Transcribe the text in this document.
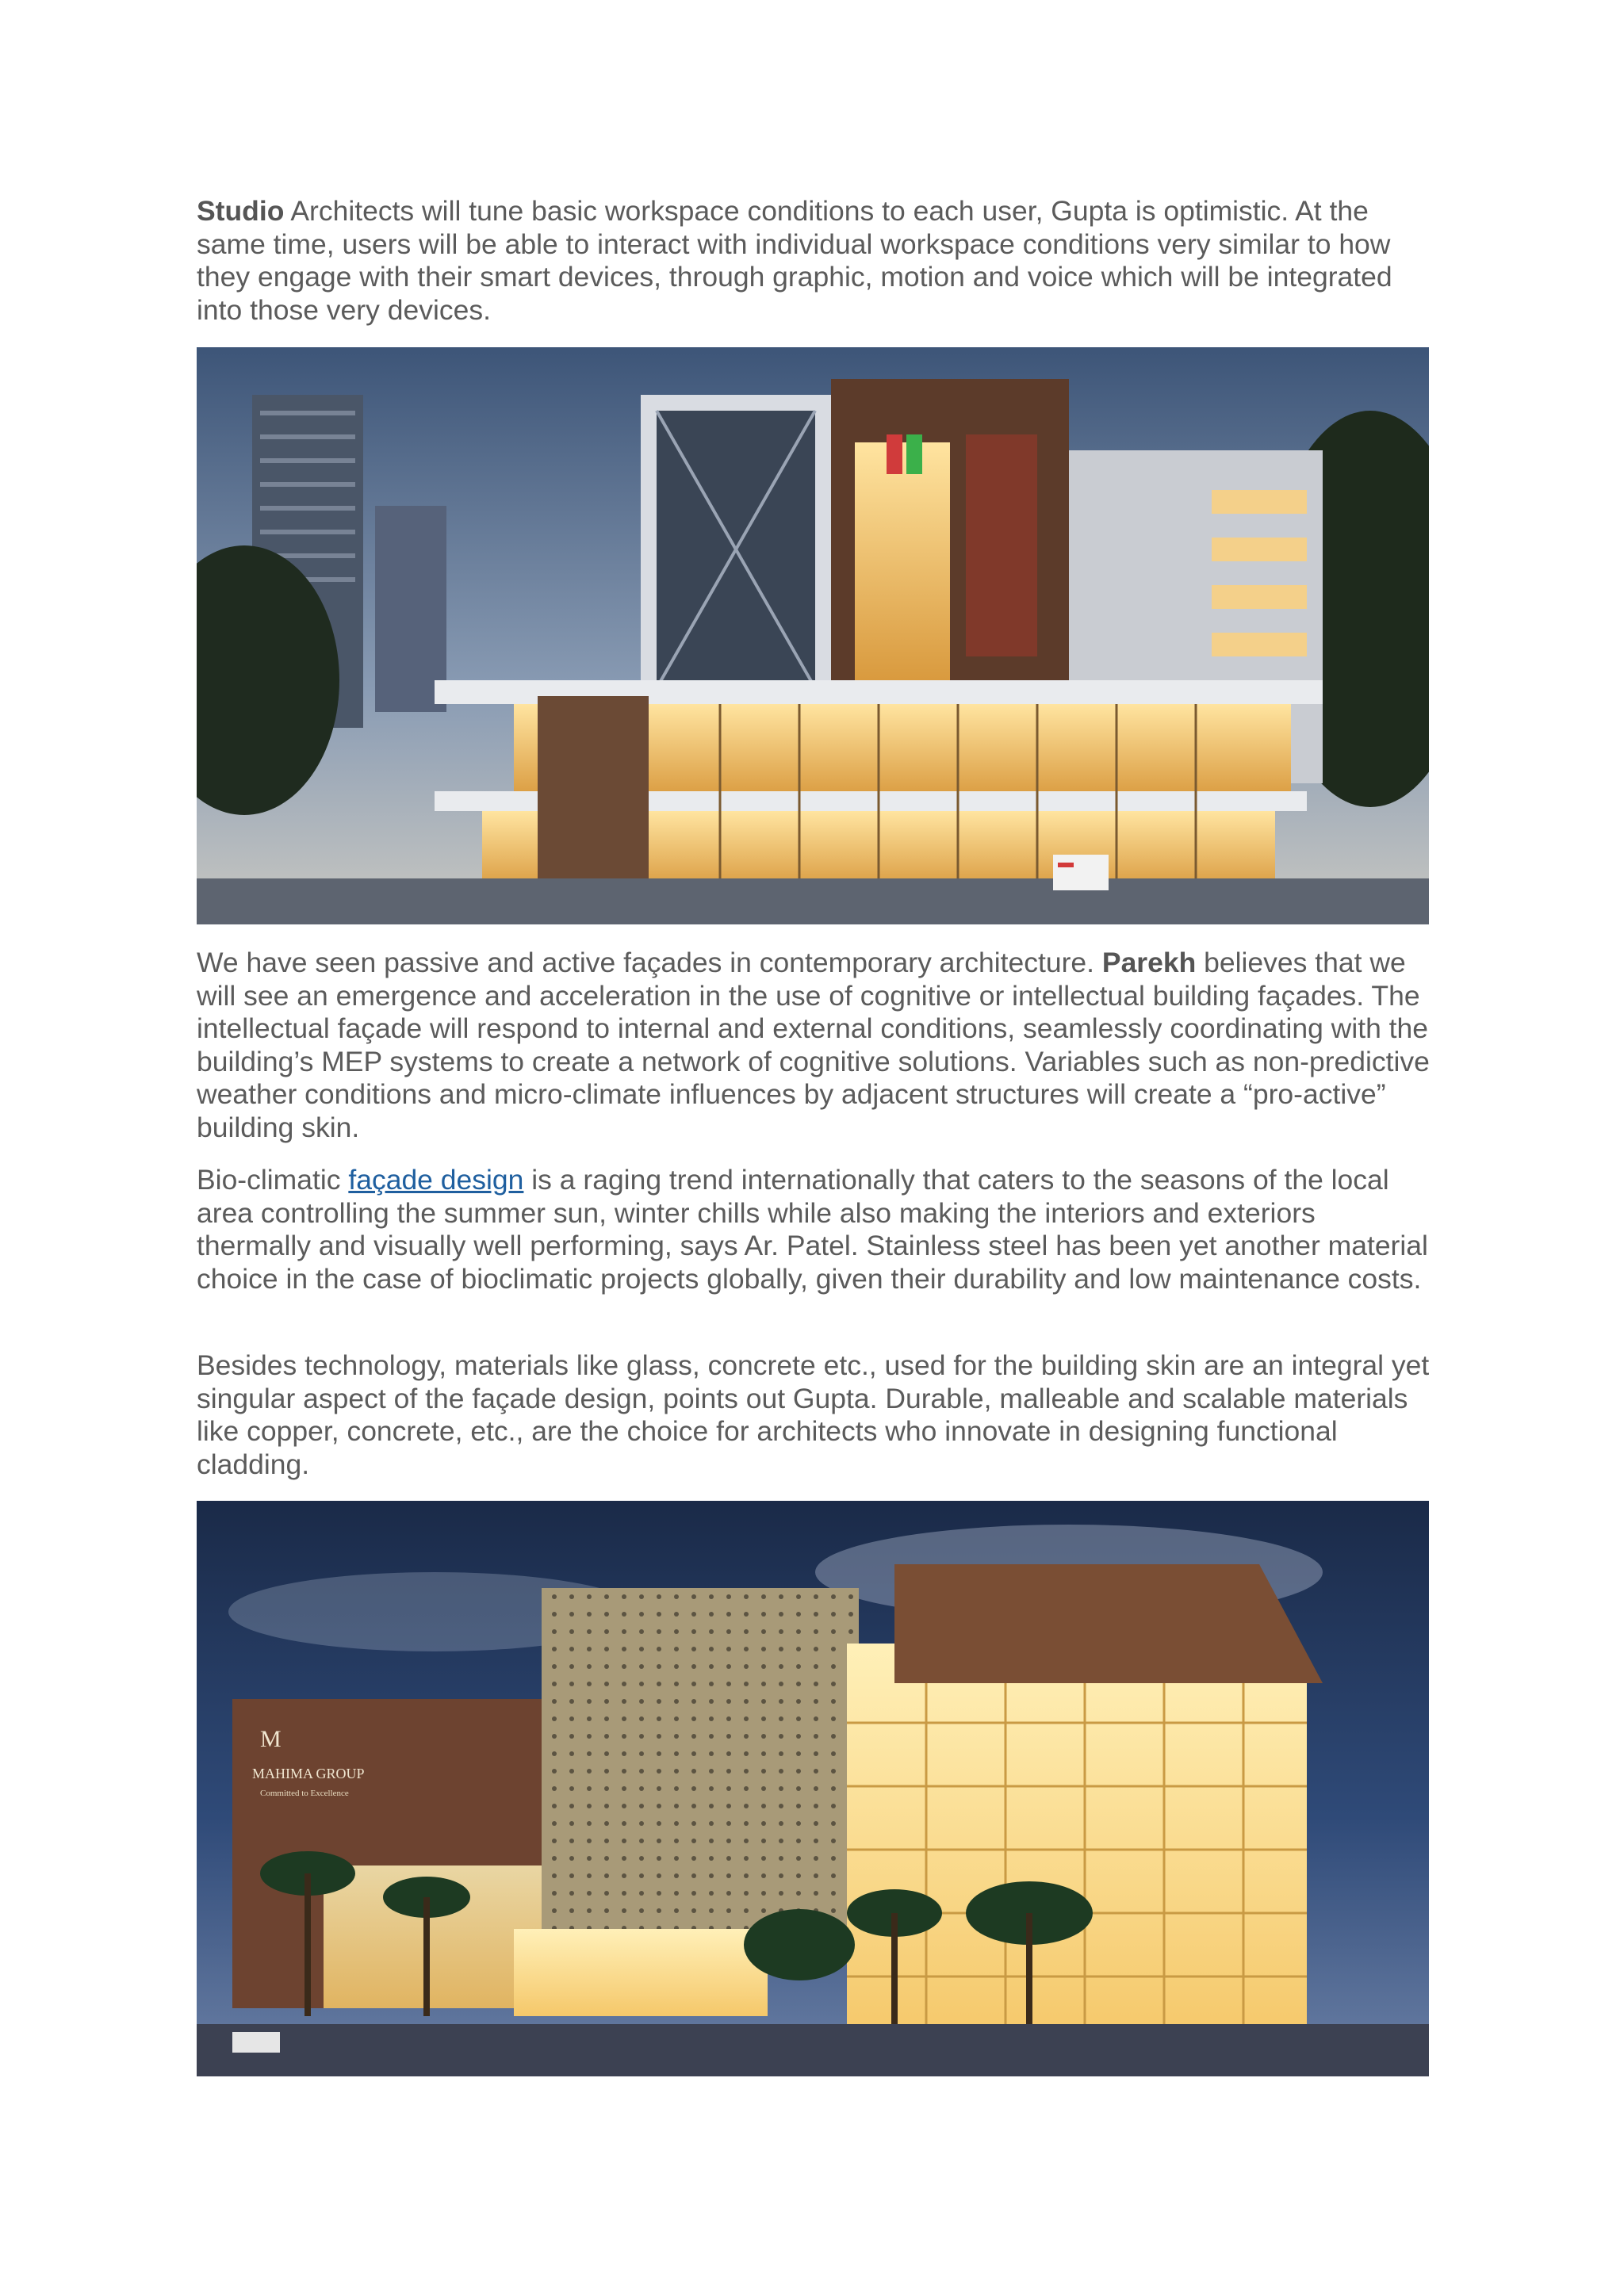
Studio Architects will tune basic workspace conditions to each user, Gupta is optimistic. At the same time, users will be able to interact with individual workspace conditions very similar to how they engage with their smart devices, through graphic, motion and voice which will be integrated into those very devices.

We have seen passive and active façades in contemporary architecture. Parekh believes that we will see an emergence and acceleration in the use of cognitive or intellectual building façades. The intellectual façade will respond to internal and external conditions, seamlessly coordinating with the building’s MEP systems to create a network of cognitive solutions. Variables such as non-predictive weather conditions and micro-climate influences by adjacent structures will create a “pro-active” building skin.

Bio-climatic façade design is a raging trend internationally that caters to the seasons of the local area controlling the summer sun, winter chills while also making the interiors and exteriors thermally and visually well performing, says Ar. Patel. Stainless steel has been yet another material choice in the case of bioclimatic projects globally, given their durability and low maintenance costs.

Besides technology, materials like glass, concrete etc., used for the building skin are an integral yet singular aspect of the façade design, points out Gupta. Durable, malleable and scalable materials like copper, concrete, etc., are the choice for architects who innovate in designing functional cladding.

M
MAHIMA GROUP
Committed to Excellence
